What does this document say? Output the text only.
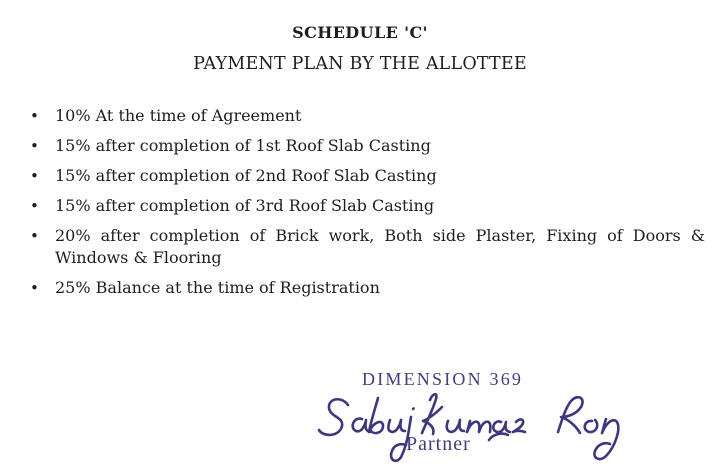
SCHEDULE 'C'
PAYMENT PLAN BY THE ALLOTTEE
• 10% At the time of Agreement
• 15% after completion of 1st Roof Slab Casting
• 15% after completion of 2nd Roof Slab Casting
• 15% after completion of 3rd Roof Slab Casting
• 20% after completion of Brick work, Both side Plaster, Fixing of Doors &
Windows & Flooring
• 25% Balance at the time of Registration
DIMENSION 369
Partner
